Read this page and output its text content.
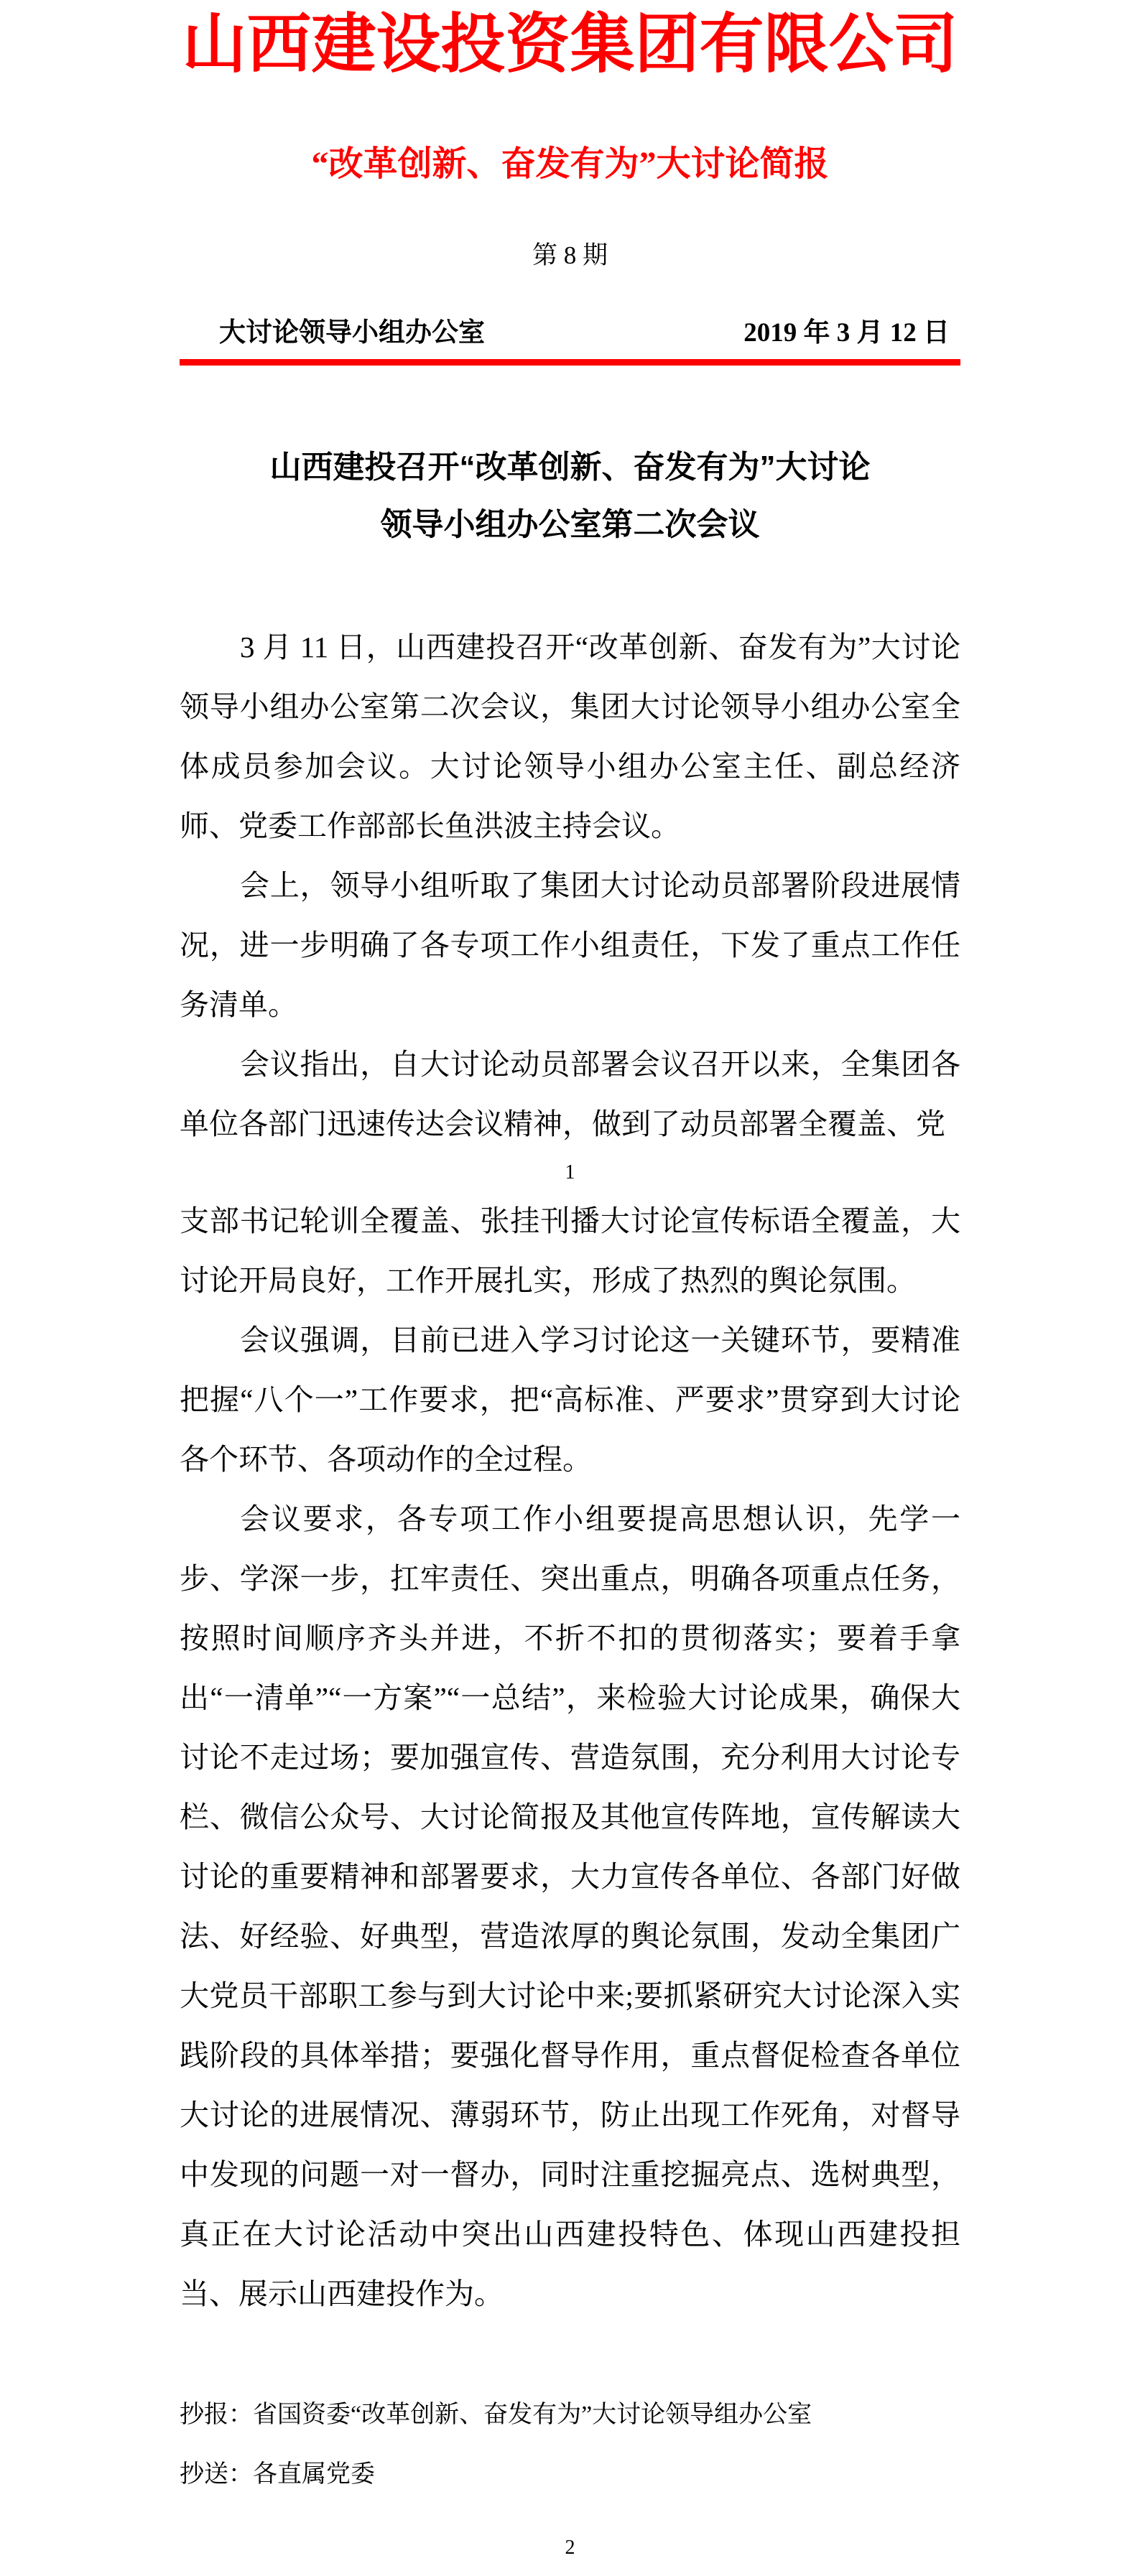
山西建设投资集团有限公司
“改革创新、奋发有为”大讨论简报
第 8 期
大讨论领导小组办公室	2019 年 3 月 12 日
山西建投召开“改革创新、奋发有为”大讨论
领导小组办公室第二次会议

3 月 11 日，山西建投召开“改革创新、奋发有为”大讨论领导小组办公室第二次会议，集团大讨论领导小组办公室全体成员参加会议。大讨论领导小组办公室主任、副总经济师、党委工作部部长鱼洪波主持会议。

会上，领导小组听取了集团大讨论动员部署阶段进展情况，进一步明确了各专项工作小组责任，下发了重点工作任务清单。

会议指出，自大讨论动员部署会议召开以来，全集团各单位各部门迅速传达会议精神，做到了动员部署全覆盖、党

1

支部书记轮训全覆盖、张挂刊播大讨论宣传标语全覆盖，大讨论开局良好，工作开展扎实，形成了热烈的舆论氛围。

会议强调，目前已进入学习讨论这一关键环节，要精准把握“八个一”工作要求，把“高标准、严要求”贯穿到大讨论各个环节、各项动作的全过程。

会议要求，各专项工作小组要提高思想认识，先学一步、学深一步，扛牢责任、突出重点，明确各项重点任务，按照时间顺序齐头并进，不折不扣的贯彻落实；要着手拿出“一清单”“一方案”“一总结”，来检验大讨论成果，确保大讨论不走过场；要加强宣传、营造氛围，充分利用大讨论专栏、微信公众号、大讨论简报及其他宣传阵地，宣传解读大讨论的重要精神和部署要求，大力宣传各单位、各部门好做法、好经验、好典型，营造浓厚的舆论氛围，发动全集团广大党员干部职工参与到大讨论中来;要抓紧研究大讨论深入实践阶段的具体举措；要强化督导作用，重点督促检查各单位大讨论的进展情况、薄弱环节，防止出现工作死角，对督导中发现的问题一对一督办，同时注重挖掘亮点、选树典型，真正在大讨论活动中突出山西建投特色、体现山西建投担当、展示山西建投作为。

抄报：省国资委“改革创新、奋发有为”大讨论领导组办公室
抄送：各直属党委
2
